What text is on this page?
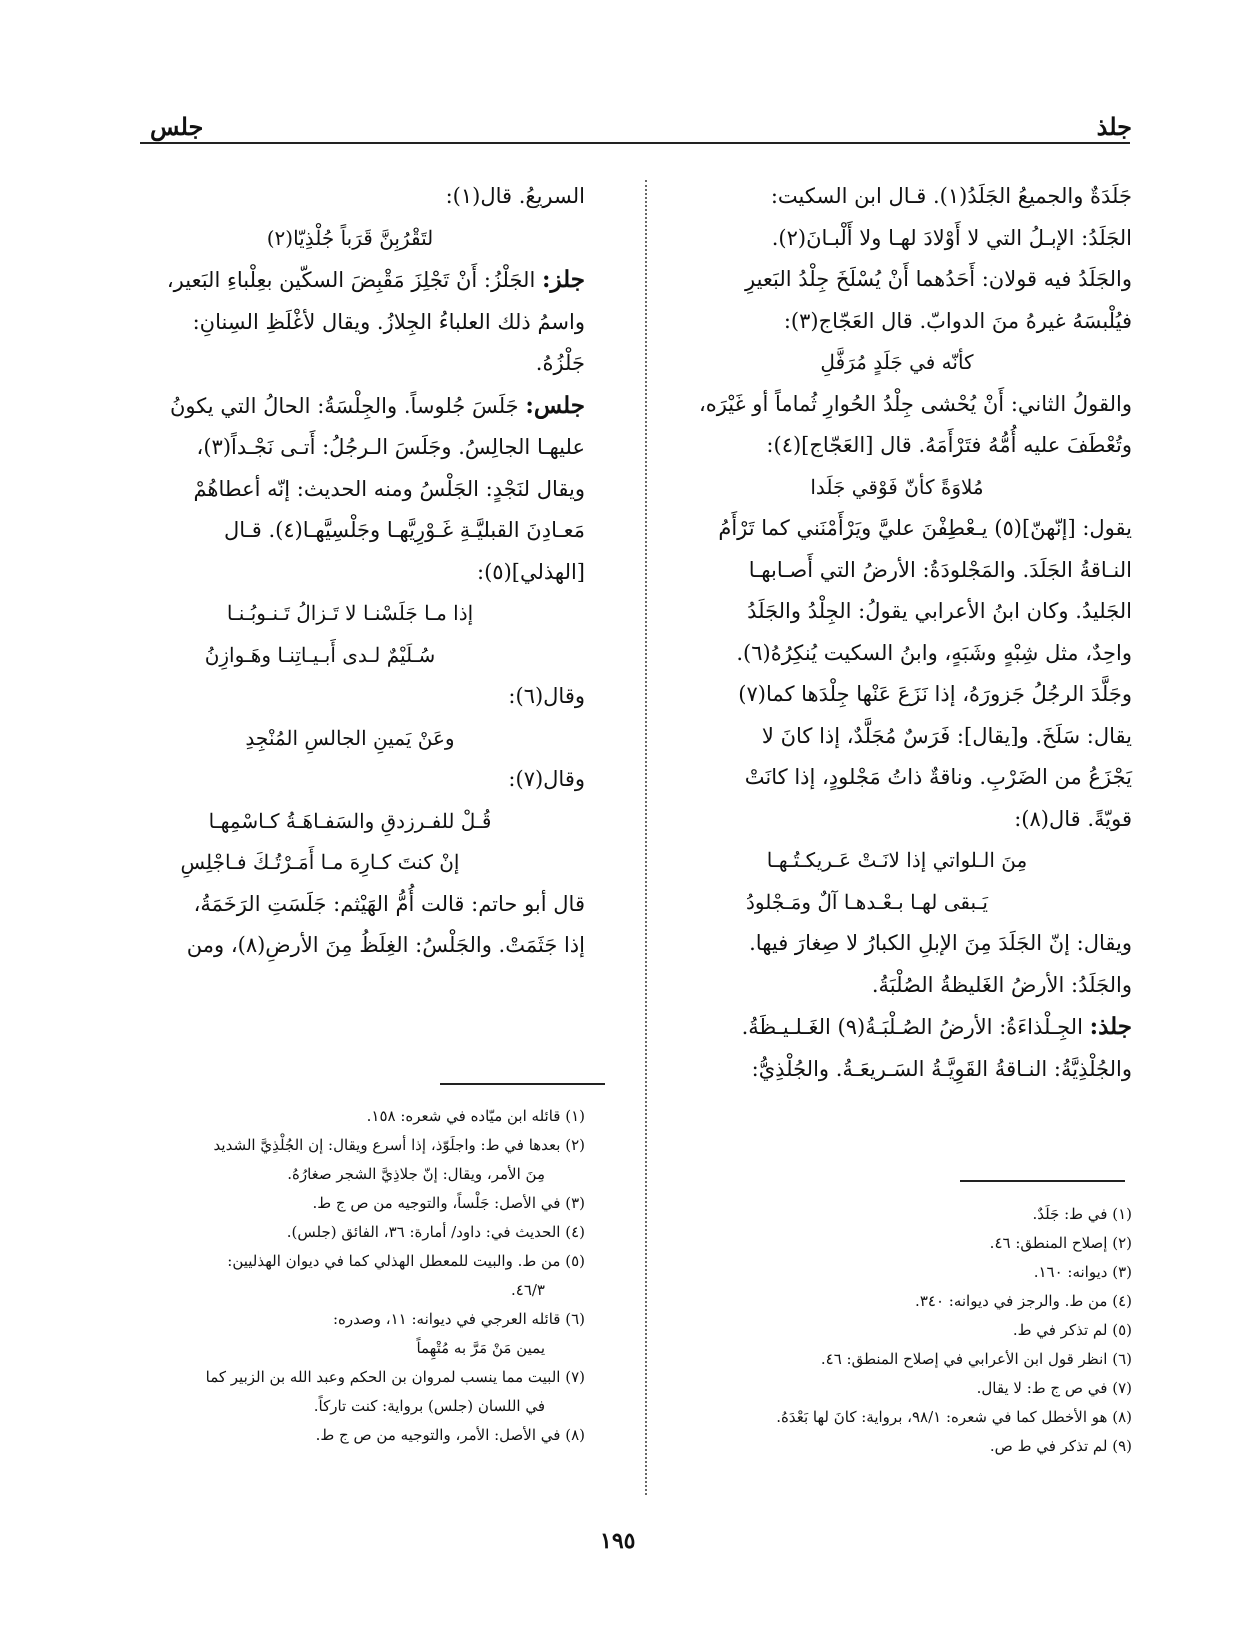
جلذ
جلس

جَلَدَةٌ والجميعُ الجَلَدُ(١). قـال ابن السكيت:

الجَلَدُ: الإبـلُ التي لا أَوْلادَ لهـا ولا أَلْبـانَ(٢).

والجَلَدُ فيه قولان: أَحَدُهما أَنْ يُسْلَخَ جِلْدُ البَعيرِ

فيُلْبسَهُ غيرهُ منَ الدوابّ. قال العَجّاج(٣):

كأنّه في جَلَدٍ مُرَفَّلِ

والقولُ الثاني: أَنْ يُحْشى جِلْدُ الحُوارِ ثُماماً أو غَيْرَه،

وتُعْطَفَ عليه أُمُّهُ فتَرْأَمَهُ. قال [العَجّاج](٤):

مُلاوَةً كأنّ فَوْقي جَلَدا

يقول: [إنّهنّ](٥) يـعْطِفْنَ عليَّ ويَرْأَمْنَني كما تَرْأَمُ

النـاقةُ الجَلَدَ. والمَجْلودَةُ: الأرضُ التي أَصـابهـا

الجَليدُ. وكان ابنُ الأعرابي يقولُ: الجِلْدُ والجَلَدُ

واحِدٌ، مثل شِبْهٍ وشَبَهٍ، وابنُ السكيت يُنكِرُهُ(٦).

وجَلَّدَ الرجُلُ جَزورَهُ، إذا نَزَعَ عَنْها جِلْدَها كما(٧)

يقال: سَلَخَ. و[يقال]: فَرَسٌ مُجَلَّدٌ، إذا كانَ لا

يَجْزَعُ من الضَرْبِ. وناقةٌ ذاتُ مَجْلودٍ، إذا كانَتْ

قويّةً. قال(٨):

مِنَ الـلواتي إذا لانَـتْ عَـريكـتُـهـا

يَـبقى لهـا بـعْـدهـا آلٌ ومَـجْلودُ

ويقال: إنّ الجَلَدَ مِنَ الإبلِ الكبارُ لا صِغارَ فيها.

والجَلَدُ: الأرضُ الغَليظةُ الصُلْبَةُ.

جلذ: الجِـلْذاءَةُ: الأرضُ الصُـلْبَـةُ(٩) الغَـلـيـظَةُ.

والجُلْذِيَّةُ: النـاقةُ القَوِيَّـةُ السَـريعَـةُ. والجُلْذِيُّ:

السريعُ. قال(١):

لتَقْرُبِنَّ قَرَباً جُلْذِيّا(٢)

جلز: الجَلْزُ: أَنْ تَجْلِزَ مَقْبِضَ السكّين بعِلْباءِ البَعير،

واسمُ ذلك العلباءُ الجِلازُ. ويقال لأغْلَظِ السِنانِ:

جَلْزُهُ.

جلس: جَلَسَ جُلوساً. والجِلْسَةُ: الحالُ التي يكونُ

عليهـا الجالِسُ. وجَلَسَ الـرجُلُ: أَتـى نَجْـداً(٣)،

ويقال لنَجْدٍ: الجَلْسُ ومنه الحديث: إنّه أعطاهُمْ

مَعـادِنَ القبليَّـةِ غَـوْرِيَّهـا وجَلْسِيَّهـا(٤). قـال

[الهذلي](٥):

إذا مـا جَلَسْنـا لا تَـزالُ تَـنـوبُـنـا

سُـلَيْمٌ لـدى أَبـيـاتِنـا وهَـوازِنُ

وقال(٦):

وعَنْ يَمينِ الجالسِ المُنْجِدِ

وقال(٧):

قُـلْ للفـرزدقِ والسَفـاهَـةُ كـاسْمِهـا

إنْ كنتَ كـارِهَ مـا أَمَـرْتُـكَ فـاجْلِسِ

قال أبو حاتم: قالت أُمُّ الهَيْثم: جَلَسَتِ الرَخَمَةُ،

إذا جَثَمَتْ. والجَلْسُ: الغِلَظُ مِنَ الأرضِ(٨)، ومن

(١) في ط: جَلَدٌ.
(٢) إصلاح المنطق: ٤٦.
(٣) ديوانه: ١٦٠.
(٤) من ط. والرجز في ديوانه: ٣٤٠.
(٥) لم تذكر في ط.
(٦) انظر قول ابن الأعرابي في إصلاح المنطق: ٤٦.
(٧) في ص ج ط: لا يقال.
(٨) هو الأخطل كما في شعره: ٩٨/١، برواية: كانَ لها بَعْدَهُ.
(٩) لم تذكر في ط ص.
(١) قائله ابن ميّاده في شعره: ١٥٨.
(٢) بعدها في ط: واجلَوّذ، إذا أسرع ويقال: إن الجُلْذِيَّ الشديد
مِنَ الأمر، ويقال: إنّ جلاذِيَّ الشجر صغارُهُ.
(٣) في الأصل: جَلْساً، والتوجيه من ص ج ط.
(٤) الحديث في: داود/ أمارة: ٣٦، الفائق (جلس).
(٥) من ط. والبيت للمعطل الهذلي كما في ديوان الهذليين:
٤٦/٣.
(٦) قائله العرجي في ديوانه: ١١، وصدره:
يمين مَنْ مَرَّ به مُتْهِماً
(٧) البيت مما ينسب لمروان بن الحكم وعبد الله بن الزبير كما
في اللسان (جلس) برواية: كنت تاركاً.
(٨) في الأصل: الأمر، والتوجيه من ص ج ط.
١٩٥
